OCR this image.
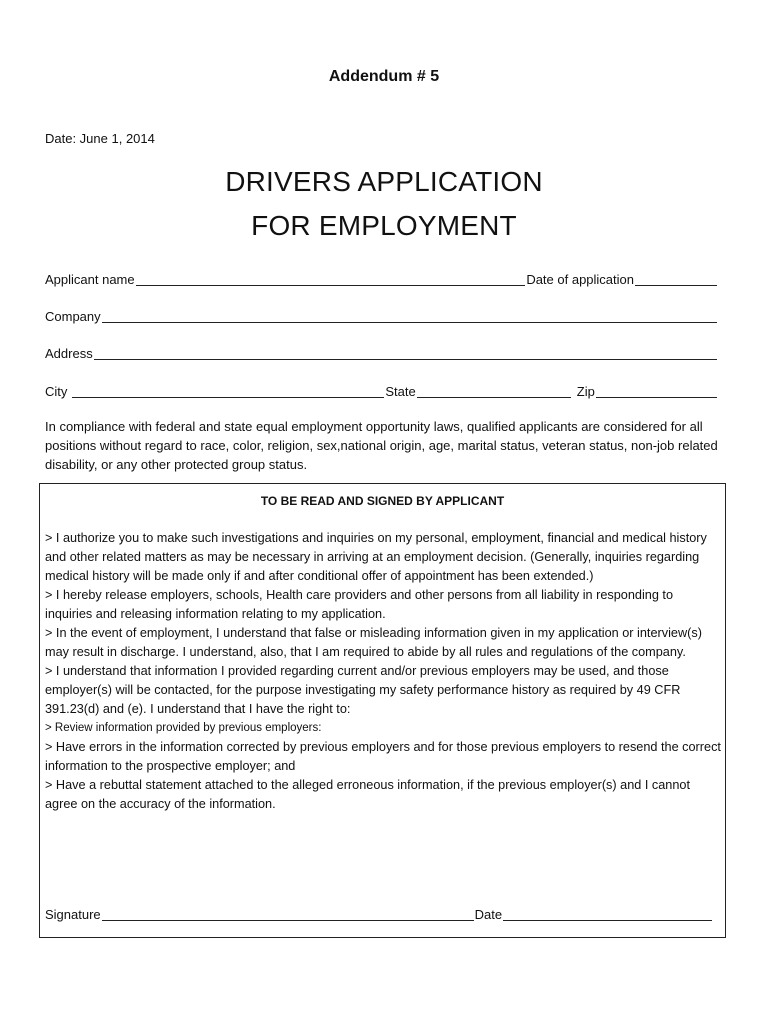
Addendum # 5
Date: June 1, 2014
DRIVERS APPLICATION
FOR EMPLOYMENT
Applicant name	Date of application
Company
Address
City	State	Zip
In compliance with federal and state equal employment opportunity laws, qualified applicants are considered for all positions without regard to race, color, religion, sex,national origin, age, marital status, veteran status, non-job related disability, or any other protected group status.
TO BE READ AND SIGNED BY APPLICANT

> I authorize you to make such investigations and inquiries on my personal, employment, financial and medical history and other related matters as may be necessary in arriving at an employment decision. (Generally, inquiries regarding medical history will be made only if and after conditional offer of appointment has been extended.)

> I hereby release employers, schools, Health care providers and other persons from all liability in responding to inquiries and releasing information relating to my application.

> In the event of employment, I understand that false or misleading information given in my application or interview(s) may result in discharge. I understand, also, that I am required to abide by all rules and regulations of the company.

> I understand that information I provided regarding current and/or previous employers may be used, and those employer(s) will be contacted, for the purpose investigating my safety performance history as required by 49 CFR 391.23(d) and (e). I understand that I have the right to:

> Review information provided by previous employers:

> Have errors in the information corrected by previous employers and for those previous employers to resend the correct information to the prospective employer; and

> Have a rebuttal statement attached to the alleged erroneous information, if the previous employer(s) and I cannot agree on the accuracy of the information.

Signature	Date
